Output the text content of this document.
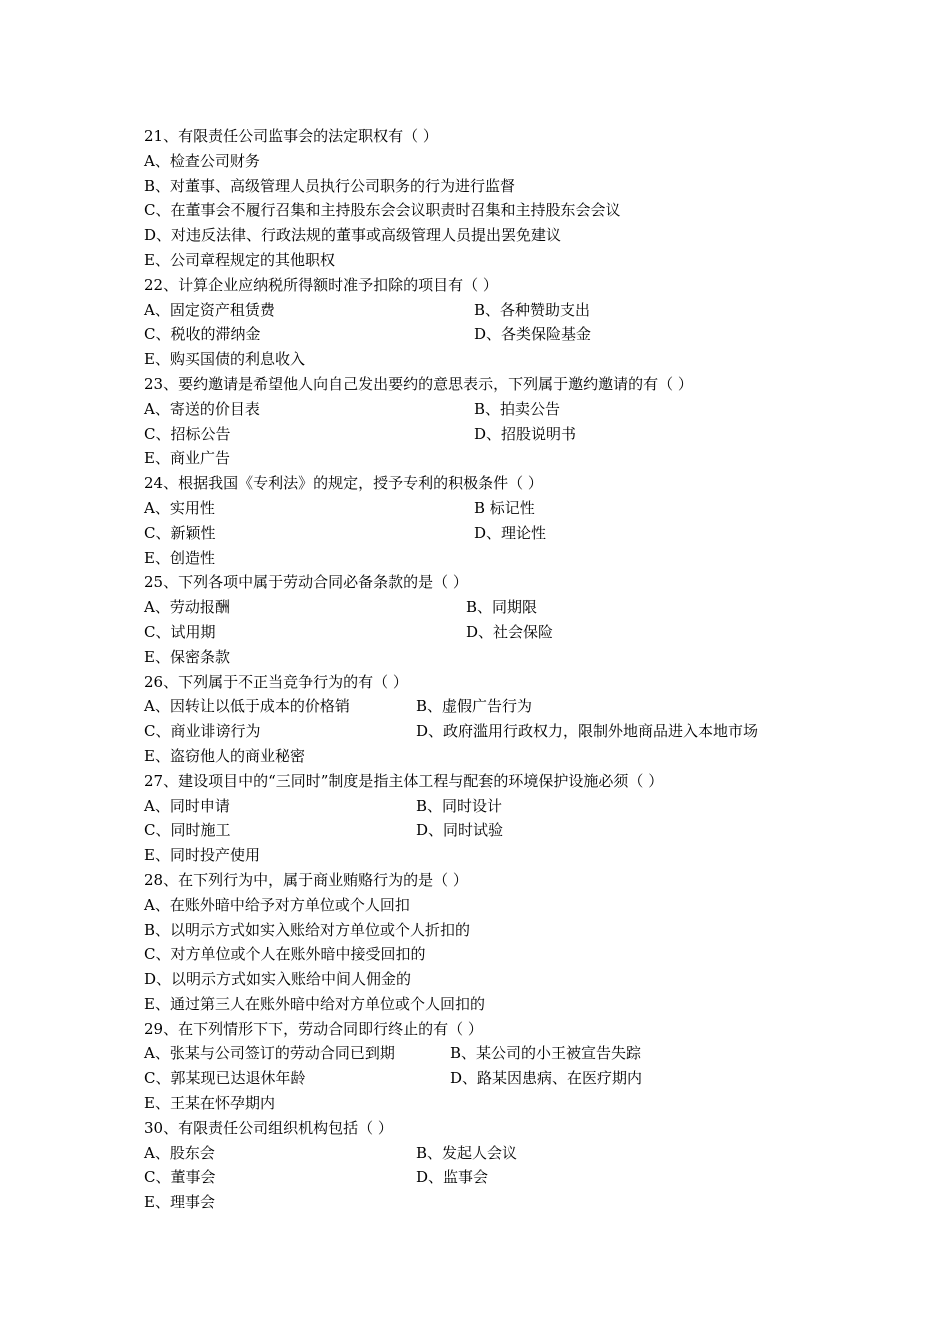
21、有限责任公司监事会的法定职权有（ ）
A、检查公司财务
B、对董事、高级管理人员执行公司职务的行为进行监督
C、在董事会不履行召集和主持股东会会议职责时召集和主持股东会会议
D、对违反法律、行政法规的董事或高级管理人员提出罢免建议
E、公司章程规定的其他职权
22、计算企业应纳税所得额时准予扣除的项目有（ ）
A、固定资产租赁费	B、各种赞助支出
C、税收的滞纳金	D、各类保险基金
E、购买国债的利息收入
23、要约邀请是希望他人向自己发出要约的意思表示，下列属于邀约邀请的有（ ）
A、寄送的价目表	B、拍卖公告
C、招标公告	D、招股说明书
E、商业广告
24、根据我国《专利法》的规定，授予专利的积极条件（ ）
A、实用性	B 标记性
C、新颖性	D、理论性
E、创造性
25、下列各项中属于劳动合同必备条款的是（ ）
A、劳动报酬	B、同期限
C、试用期	D、社会保险
E、保密条款
26、下列属于不正当竞争行为的有（ ）
A、因转让以低于成本的价格销	B、虚假广告行为
C、商业诽谤行为	D、政府滥用行政权力，限制外地商品进入本地市场
E、盗窃他人的商业秘密
27、建设项目中的“三同时”制度是指主体工程与配套的环境保护设施必须（ ）
A、同时申请	B、同时设计
C、同时施工	D、同时试验
E、同时投产使用
28、在下列行为中，属于商业贿赂行为的是（ ）
A、在账外暗中给予对方单位或个人回扣
B、以明示方式如实入账给对方单位或个人折扣的
C、对方单位或个人在账外暗中接受回扣的
D、以明示方式如实入账给中间人佣金的
E、通过第三人在账外暗中给对方单位或个人回扣的
29、在下列情形下下，劳动合同即行终止的有（ ）
A、张某与公司签订的劳动合同已到期	B、某公司的小王被宣告失踪
C、郭某现已达退休年龄	D、路某因患病、在医疗期内
E、王某在怀孕期内
30、有限责任公司组织机构包括（ ）
A、股东会	B、发起人会议
C、董事会	D、监事会
E、理事会
